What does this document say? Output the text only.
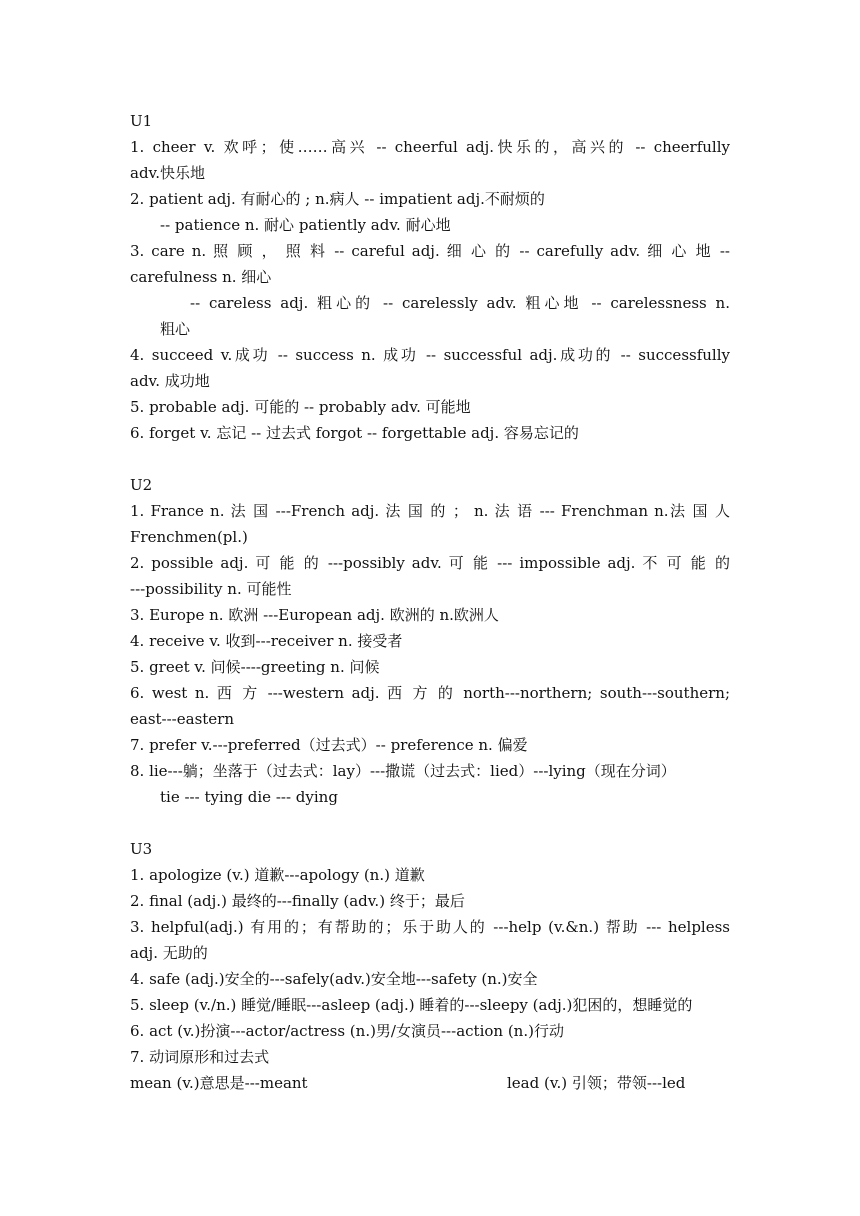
U1
1. cheer v. 欢呼；使……高兴 -- cheerful adj.快乐的，高兴的 -- cheerfully
adv.快乐地
2. patient adj. 有耐心的 ; n.病人 -- impatient adj.不耐烦的
-- patience n. 耐心 patiently adv. 耐心地
3. care n. 照 顾 ， 照 料 -- careful adj. 细 心 的 -- carefully adv. 细 心 地 --
carefulness n. 细心
-- careless adj. 粗心的 -- carelessly adv. 粗心地 -- carelessness n.
粗心
4. succeed v.成功 -- success n. 成功 -- successful adj.成功的 -- successfully
adv. 成功地
5. probable adj. 可能的 -- probably adv. 可能地
6. forget v. 忘记 -- 过去式 forgot -- forgettable adj. 容易忘记的
U2
1. France n. 法 国 ---French adj. 法 国 的 ； n. 法 语 --- Frenchman n.法 国 人
Frenchmen(pl.)
2. possible adj. 可 能 的 ---possibly adv. 可 能 --- impossible adj. 不 可 能 的
---possibility n. 可能性
3. Europe n. 欧洲 ---European adj. 欧洲的 n.欧洲人
4. receive v. 收到---receiver n. 接受者
5. greet v. 问候----greeting n. 问候
6. west n. 西 方 ---western adj. 西 方 的 north---northern; south---southern;
east---eastern
7. prefer v.---preferred（过去式）-- preference n. 偏爱
8. lie---躺；坐落于（过去式：lay）---撒谎（过去式：lied）---lying（现在分词）
tie --- tying die --- dying
U3
1. apologize (v.) 道歉---apology (n.) 道歉
2. final (adj.) 最终的---finally (adv.) 终于；最后
3. helpful(adj.) 有用的；有帮助的；乐于助人的 ---help (v.&n.) 帮助 --- helpless
adj. 无助的
4. safe (adj.)安全的---safely(adv.)安全地---safety (n.)安全
5. sleep (v./n.) 睡觉/睡眠---asleep (adj.) 睡着的---sleepy (adj.)犯困的，想睡觉的
6. act (v.)扮演---actor/actress (n.)男/女演员---action (n.)行动
7. 动词原形和过去式
mean (v.)意思是---meant	lead (v.) 引领；带领---led
